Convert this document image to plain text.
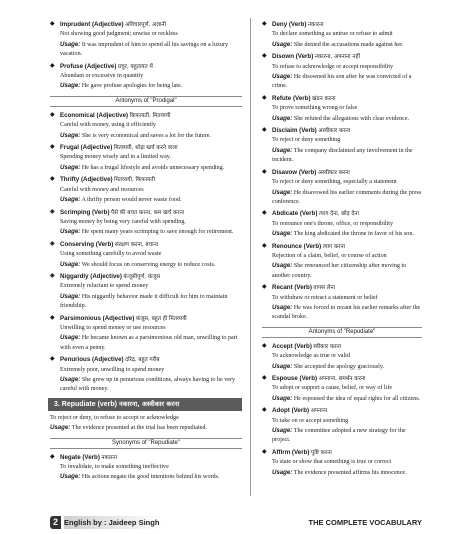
◆ Imprudent (Adjective) अविचारपूर्ण, अज्ञानी
Not showing good judgment; unwise or reckless
Usage: It was imprudent of him to spend all his savings on a luxury vacation.
◆ Profuse (Adjective) प्रचुर, बहुतायत में
Abundant or excessive in quantity
Usage: He gave profuse apologies for being late.
Antonyms of "Prodigal"
◆ Economical (Adjective) किफायती, मितव्ययी
Careful with money, using it efficiently
Usage: She is very economical and saves a lot for the future.
◆ Frugal (Adjective) मितव्ययी, थोड़ा खर्च करने वाला
Spending money wisely and in a limited way.
Usage: He has a frugal lifestyle and avoids unnecessary spending.
◆ Thrifty (Adjective) मितव्ययी, किफायती
Careful with money and resources
Usage: A thrifty person would never waste food.
◆ Scrimping (Verb) पैसे की बचत करना, कम खर्च करना
Saving money by being very careful with spending.
Usage: He spent many years scrimping to save enough for retirement.
◆ Conserving (Verb) संरक्षण करना, बचाना
Using something carefully to avoid waste
Usage: We should focus on conserving energy to reduce costs.
◆ Niggardly (Adjective) कंजूसीपूर्ण, कंजूस
Extremely reluctant to spend money
Usage: His niggardly behavior made it difficult for him to maintain friendship.
◆ Parsimonious (Adjective) कंजूस, बहुत ही मितव्ययी
Unwilling to spend money or use resources
Usage: He became known as a parsimonious old man, unwilling to part with even a penny.
◆ Penurious (Adjective) दरिद्र, बहुत गरीब
Extremely poor, unwilling to spend money
Usage: She grew up in penurious conditions, always having to be very careful with money.
3. Repudiate (verb) नकारना, अस्वीकार करना
To reject or deny, to refuse to accept or acknowledge
Usage: The evidence presented at the trial has been repudiated.
Synonyms of "Repudiate"
◆ Negate (Verb) नकारना
To invalidate, to make something ineffective
Usage: His actions negate the good intentions behind his words.
◆ Deny (Verb) नकारना
To declare something as untrue or refuse to admit
Usage: She denied the accusations made against her.
◆ Disown (Verb) नकारना, अपनाना नहीं
To refuse to acknowledge or accept responsibility
Usage: He disowned his son after he was convicted of a crime.
◆ Refute (Verb) खंडन करना
To prove something wrong or false
Usage: She refuted the allegations with clear evidence.
◆ Disclaim (Verb) अस्वीकार करना
To reject or deny something
Usage: The company disclaimed any involvement in the incident.
◆ Disavow (Verb) अस्वीकार करना
To reject or deny something, especially a statement
Usage: He disavowed his earlier comments during the press conference.
◆ Abdicate (Verb) त्याग देना, छोड़ देना
To renounce one's throne, office, or responsibility
Usage: The king abdicated the throne in favor of his son.
◆ Renounce (Verb) त्याग करना
Rejection of a claim, belief, or course of action
Usage: She renounced her citizenship after moving to another country.
◆ Recant (Verb) वापस लेना
To withdraw or retract a statement or belief
Usage: He was forced to recant his earlier remarks after the scandal broke.
Antonyms of "Repudiate"
◆ Accept (Verb) स्वीकार करना
To acknowledge as true or valid
Usage: She accepted the apology graciously.
◆ Espouse (Verb) अपनाना, समर्थन करना
To adopt or support a cause, belief, or way of life
Usage: He espoused the idea of equal rights for all citizens.
◆ Adopt (Verb) अपनाना
To take on or accept something
Usage: The committee adopted a new strategy for the project.
◆ Affirm (Verb) पुष्टि करना
To state or show that something is true or correct
Usage: The evidence presented affirms his innocence.
2 English by : Jaideep Singh	THE COMPLETE VOCABULARY
